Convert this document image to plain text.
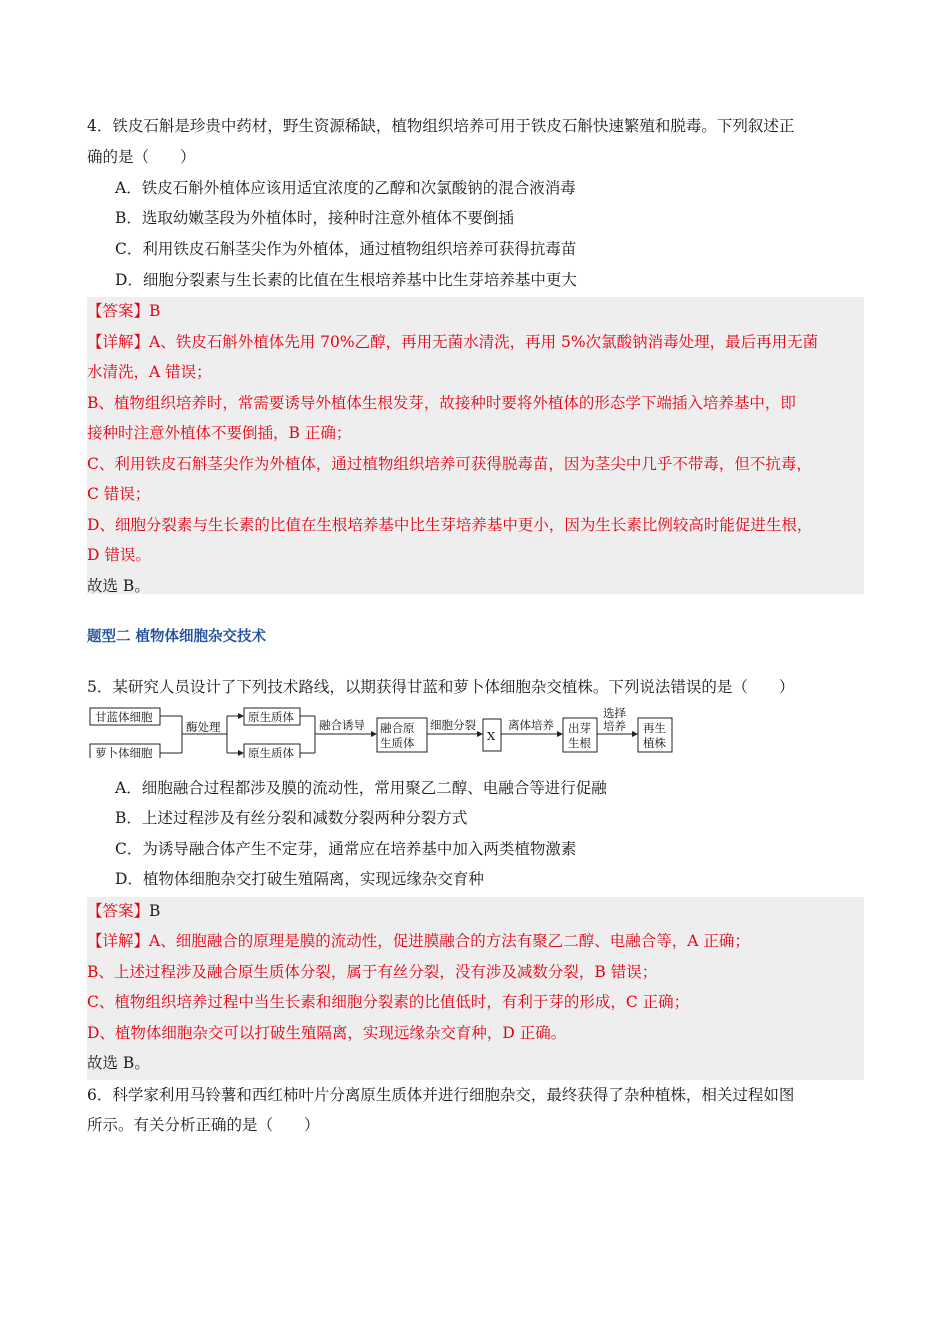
4．铁皮石斛是珍贵中药材，野生资源稀缺，植物组织培养可用于铁皮石斛快速繁殖和脱毒。下列叙述正
确的是（　　）
A．铁皮石斛外植体应该用适宜浓度的乙醇和次氯酸钠的混合液消毒
B．选取幼嫩茎段为外植体时，接种时注意外植体不要倒插
C．利用铁皮石斛茎尖作为外植体，通过植物组织培养可获得抗毒苗
D．细胞分裂素与生长素的比值在生根培养基中比生芽培养基中更大
【答案】B
【详解】A、铁皮石斛外植体先用 70%乙醇，再用无菌水清洗，再用 5%次氯酸钠消毒处理，最后再用无菌
水清洗，A 错误；
B、植物组织培养时，常需要诱导外植体生根发芽，故接种时要将外植体的形态学下端插入培养基中，即
接种时注意外植体不要倒插，B 正确；
C、利用铁皮石斛茎尖作为外植体，通过植物组织培养可获得脱毒苗，因为茎尖中几乎不带毒，但不抗毒，
C 错误；
D、细胞分裂素与生长素的比值在生根培养基中比生芽培养基中更小，因为生长素比例较高时能促进生根，
D 错误。
故选 B。
题型二 植物体细胞杂交技术
5．某研究人员设计了下列技术路线，以期获得甘蓝和萝卜体细胞杂交植株。下列说法错误的是（　　）
甘蓝体细胞
萝卜体细胞
酶处理
原生质体
原生质体
融合诱导 融合原
生质体
细胞分裂
X
离体培养 出芽
生根
选择
培养 再生
植株
A．细胞融合过程都涉及膜的流动性，常用聚乙二醇、电融合等进行促融
B．上述过程涉及有丝分裂和减数分裂两种分裂方式
C．为诱导融合体产生不定芽，通常应在培养基中加入两类植物激素
D．植物体细胞杂交打破生殖隔离，实现远缘杂交育种
【答案】B
【详解】A、细胞融合的原理是膜的流动性，促进膜融合的方法有聚乙二醇、电融合等，A 正确；
B、上述过程涉及融合原生质体分裂，属于有丝分裂，没有涉及减数分裂，B 错误；
C、植物组织培养过程中当生长素和细胞分裂素的比值低时，有利于芽的形成，C 正确；
D、植物体细胞杂交可以打破生殖隔离，实现远缘杂交育种，D 正确。
故选 B。
6．科学家利用马铃薯和西红柿叶片分离原生质体并进行细胞杂交，最终获得了杂种植株，相关过程如图
所示。有关分析正确的是（　　）
